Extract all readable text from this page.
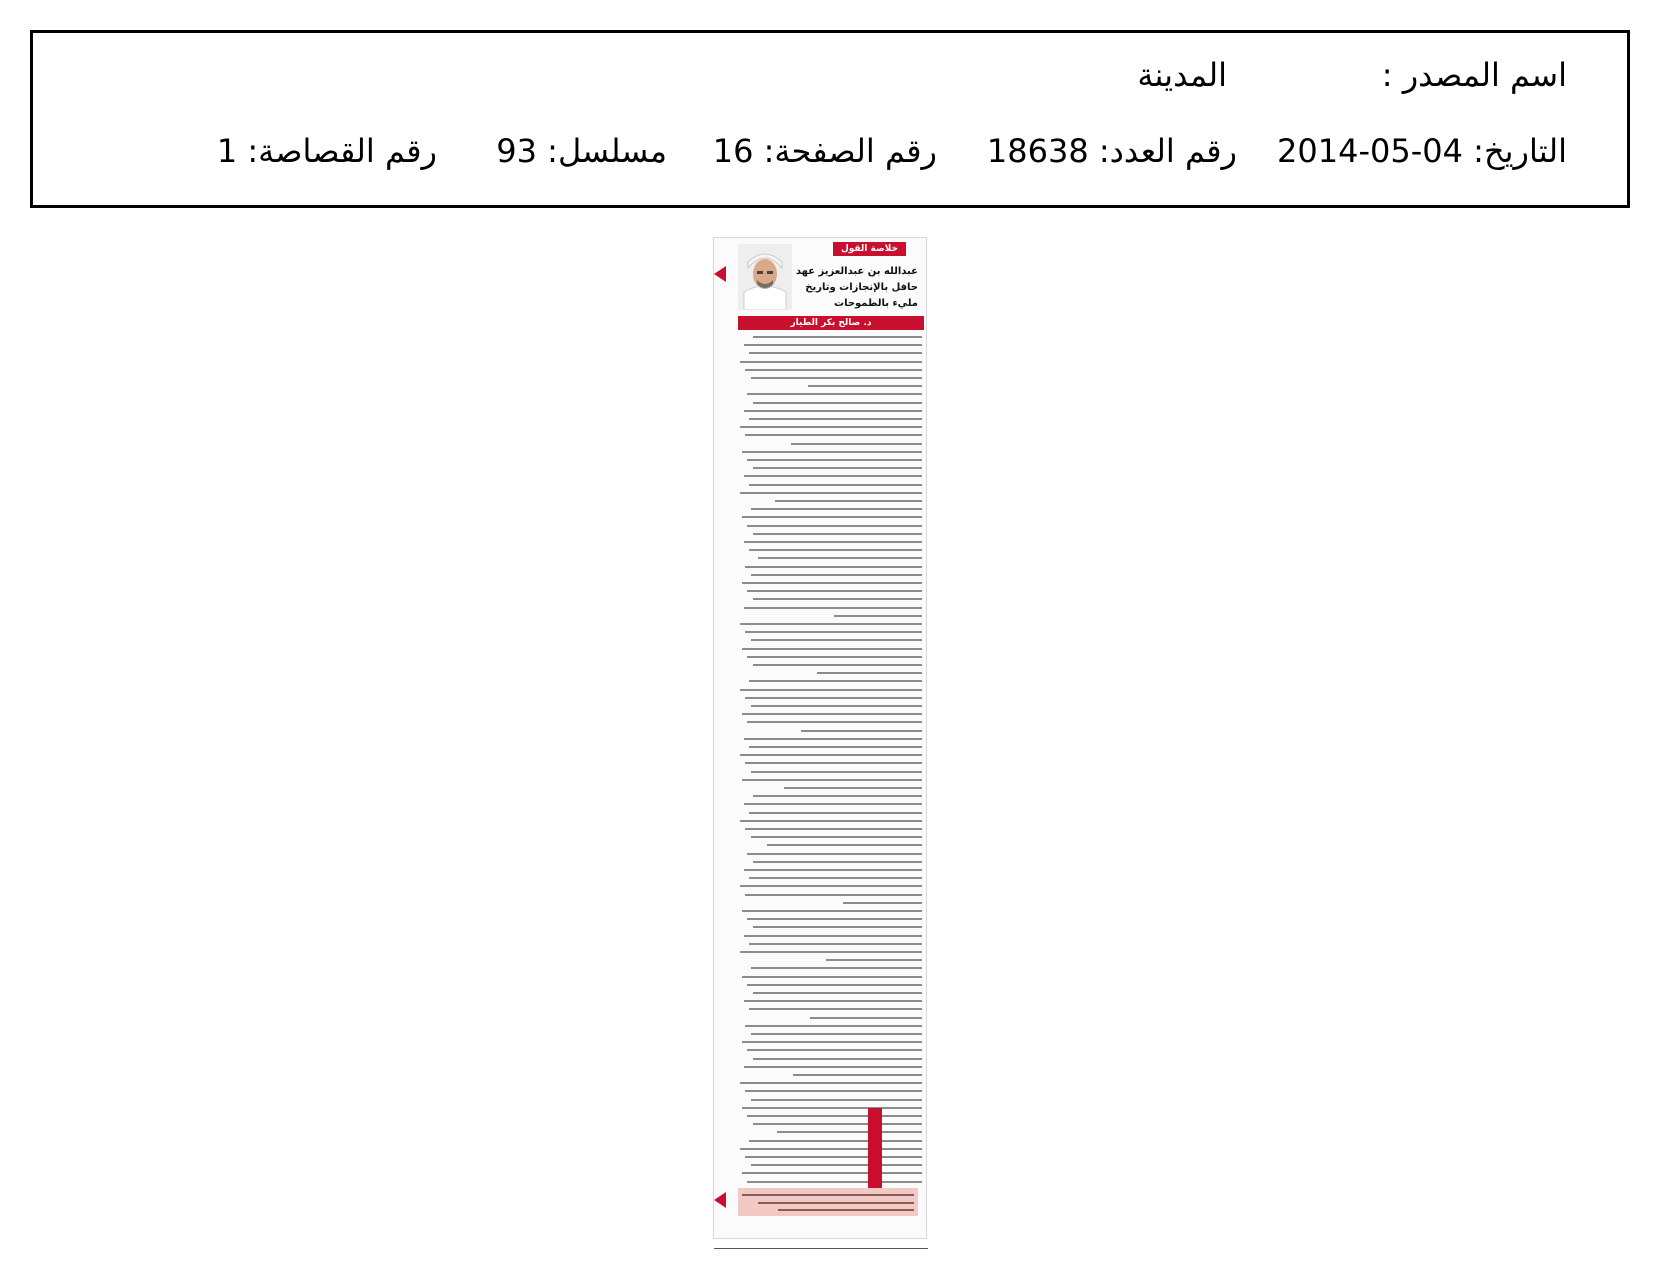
اسم المصدر :
المدينة
التاريخ: 2014-05-04
رقم العدد: 18638
رقم الصفحة: 16
مسلسل: 93
رقم القصاصة: 1
خلاصة القول
عبدالله بن عبدالعزيز عهد حافل بالإنجازات وتاريخ مليء بالطموحات
د. صالح بكر الطيار
